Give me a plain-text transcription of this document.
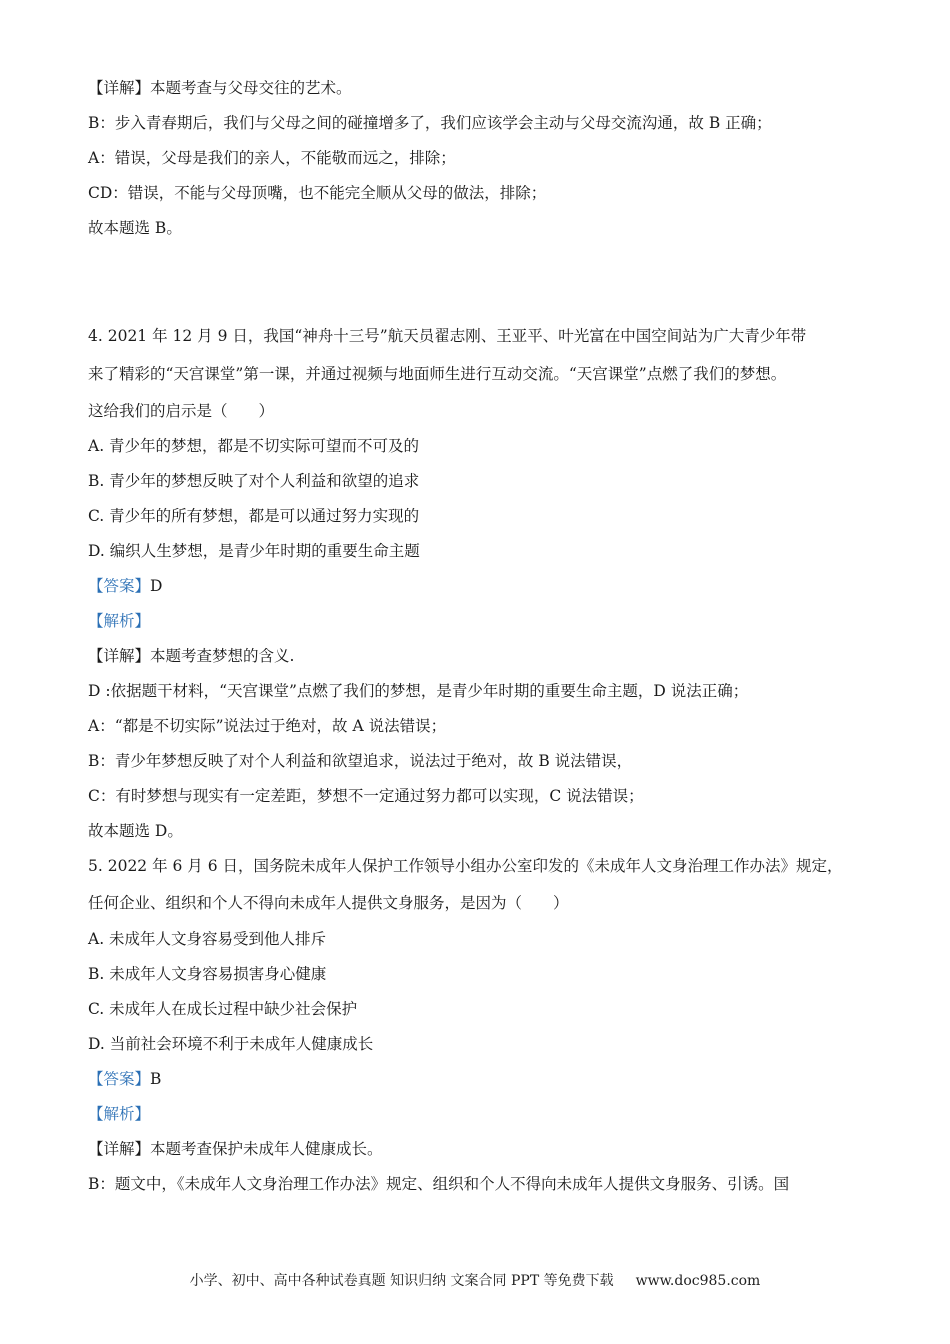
【详解】本题考查与父母交往的艺术。
B：步入青春期后，我们与父母之间的碰撞增多了，我们应该学会主动与父母交流沟通，故 B 正确；
A：错误，父母是我们的亲人，不能敬而远之，排除；
CD：错误，不能与父母顶嘴，也不能完全顺从父母的做法，排除；
故本题选 B。
4. 2021 年 12 月 9 日，我国“神舟十三号”航天员翟志刚、王亚平、叶光富在中国空间站为广大青少年带
来了精彩的“天宫课堂”第一课，并通过视频与地面师生进行互动交流。“天宫课堂”点燃了我们的梦想。
这给我们的启示是（　　）
A. 青少年的梦想，都是不切实际可望而不可及的
B. 青少年的梦想反映了对个人利益和欲望的追求
C. 青少年的所有梦想，都是可以通过努力实现的
D. 编织人生梦想，是青少年时期的重要生命主题
【答案】D
【解析】
【详解】本题考查梦想的含义.
D :依据题干材料，“天宫课堂”点燃了我们的梦想，是青少年时期的重要生命主题，D 说法正确；
A：“都是不切实际”说法过于绝对，故 A 说法错误；
B：青少年梦想反映了对个人利益和欲望追求，说法过于绝对，故 B 说法错误，
C：有时梦想与现实有一定差距，梦想不一定通过努力都可以实现，C 说法错误；
故本题选 D。
5. 2022 年 6 月 6 日，国务院未成年人保护工作领导小组办公室印发的《未成年人文身治理工作办法》规定，
任何企业、组织和个人不得向未成年人提供文身服务，是因为（　　）
A. 未成年人文身容易受到他人排斥
B. 未成年人文身容易损害身心健康
C. 未成年人在成长过程中缺少社会保护
D. 当前社会环境不利于未成年人健康成长
【答案】B
【解析】
【详解】本题考查保护未成年人健康成长。
B：题文中，《未成年人文身治理工作办法》规定、组织和个人不得向未成年人提供文身服务、引诱。国
小学、初中、高中各种试卷真题 知识归纳 文案合同 PPT 等免费下载 www.doc985.com
